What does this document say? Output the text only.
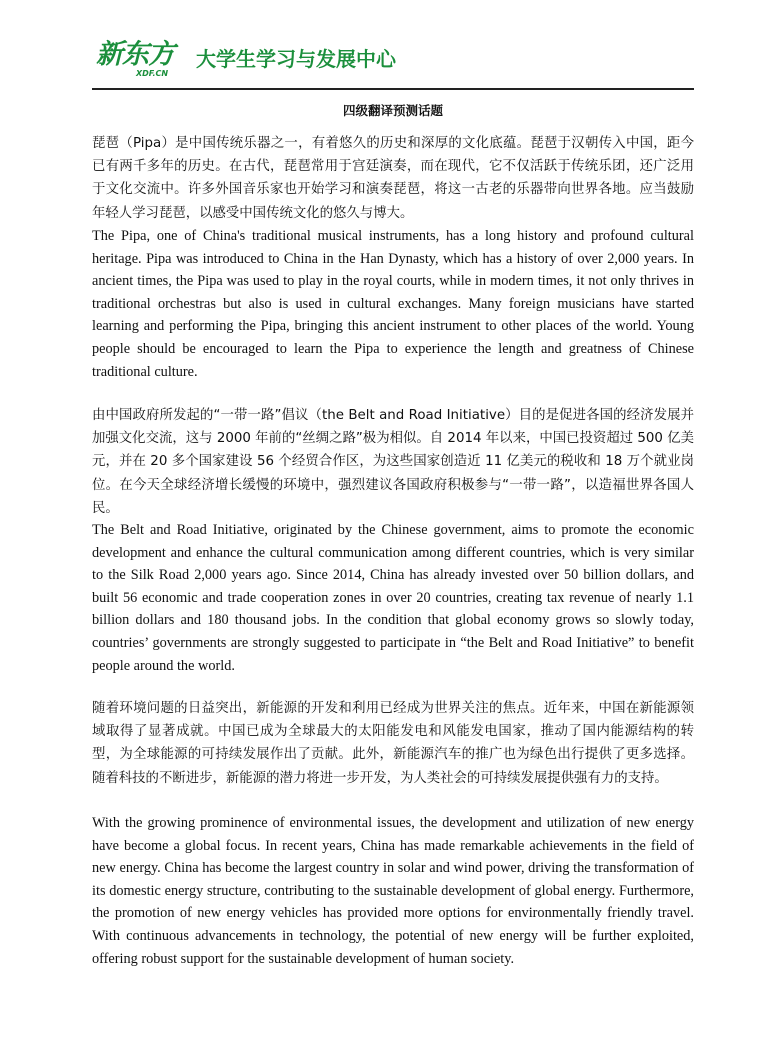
新东方
XDF.CN
大学生学习与发展中心
四级翻译预测话题

琵琶（Pipa）是中国传统乐器之一，有着悠久的历史和深厚的文化底蕴。琵琶于汉朝传入中国，距今已有两千多年的历史。在古代，琵琶常用于宫廷演奏，而在现代，它不仅活跃于传统乐团，还广泛用于文化交流中。许多外国音乐家也开始学习和演奏琵琶，将这一古老的乐器带向世界各地。应当鼓励年轻人学习琵琶，以感受中国传统文化的悠久与博大。

The Pipa, one of China's traditional musical instruments, has a long history and profound cultural heritage. Pipa was introduced to China in the Han Dynasty, which has a history of over 2,000 years. In ancient times, the Pipa was used to play in the royal courts, while in modern times, it not only thrives in traditional orchestras but also is used in cultural exchanges. Many foreign musicians have started learning and performing the Pipa, bringing this ancient instrument to other places of the world. Young people should be encouraged to learn the Pipa to experience the length and greatness of Chinese traditional culture.

由中国政府所发起的“一带一路”倡议（the Belt and Road Initiative）目的是促进各国的经济发展并加强文化交流，这与 2000 年前的“丝绸之路”极为相似。自 2014 年以来，中国已投资超过 500 亿美元，并在 20 多个国家建设 56 个经贸合作区，为这些国家创造近 11 亿美元的税收和 18 万个就业岗位。在今天全球经济增长缓慢的环境中，强烈建议各国政府积极参与“一带一路”，以造福世界各国人民。

The Belt and Road Initiative, originated by the Chinese government, aims to promote the economic development and enhance the cultural communication among different countries, which is very similar to the Silk Road 2,000 years ago. Since 2014, China has already invested over 50 billion dollars, and built 56 economic and trade cooperation zones in over 20 countries, creating tax revenue of nearly 1.1 billion dollars and 180 thousand jobs. In the condition that global economy grows so slowly today, countries’ governments are strongly suggested to participate in “the Belt and Road Initiative” to benefit people around the world.

随着环境问题的日益突出，新能源的开发和利用已经成为世界关注的焦点。近年来，中国在新能源领域取得了显著成就。中国已成为全球最大的太阳能发电和风能发电国家，推动了国内能源结构的转型，为全球能源的可持续发展作出了贡献。此外，新能源汽车的推广也为绿色出行提供了更多选择。随着科技的不断进步，新能源的潜力将进一步开发，为人类社会的可持续发展提供强有力的支持。

With the growing prominence of environmental issues, the development and utilization of new energy have become a global focus. In recent years, China has made remarkable achievements in the field of new energy. China has become the largest country in solar and wind power, driving the transformation of its domestic energy structure, contributing to the sustainable development of global energy. Furthermore, the promotion of new energy vehicles has provided more options for environmentally friendly travel. With continuous advancements in technology, the potential of new energy will be further exploited, offering robust support for the sustainable development of human society.
